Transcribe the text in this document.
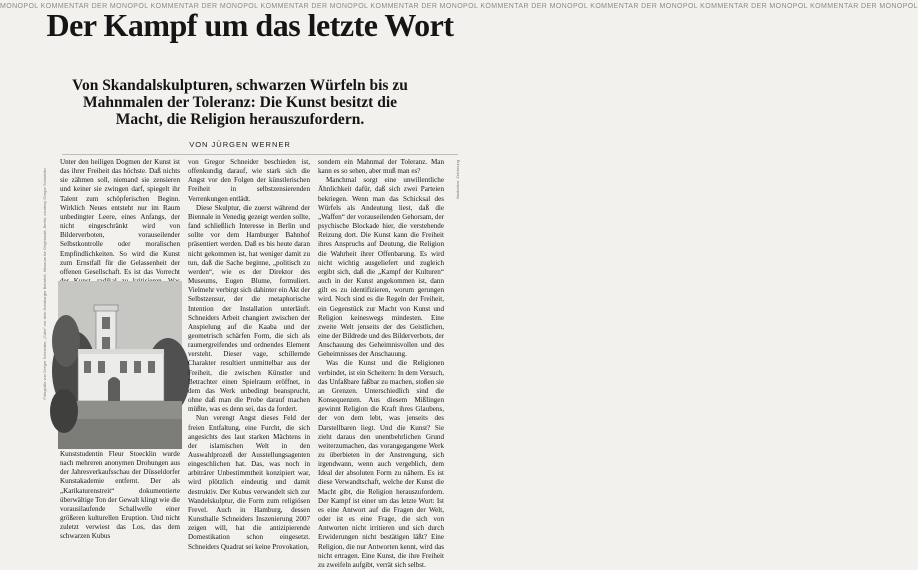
MONOPOL KOMMENTAR DER MONOPOL KOMMENTAR DER MONOPOL KOMMENTAR DER MONOPOL KOMMENTAR DER MONOPOL KOMMENTAR DER MONOPOL KOMMENTAR DER MONOPOL KOMMENTAR DER MONOPOL KOMMENTAR DER MONOPOL
Der Kampf um das letzte Wort
Von Skandalskulpturen, schwarzen Würfeln bis zu Mahnmalen der Toleranz: Die Kunst besitzt die Macht, die Religion herauszufordern.
VON JÜRGEN WERNER
Fotografie von Gregor Schneider, „Cube“ vor dem Hamburger Bahnhof, Museum für Gegenwart, Berlin; courtesy Gregor Schneider	Illustration: Zeichnung

Unter den heiligen Dogmen der Kunst ist das ihrer Freiheit das höchste. Daß nichts sie zähmen soll, niemand sie zensieren und keiner sie zwingen darf, spiegelt ihr Talent zum schöpferischen Beginn. Wirklich Neues entsteht nur im Raum unbedingter Leere, eines Anfangs, der nicht eingeschränkt wird von Bilderverboten, vorauseilender Selbstkontrolle oder moralischen Empfindlichkeiten. So wird die Kunst zum Ernstfall für die Gelassenheit der offenen Gesellschaft. Es ist das Vorrecht

Kunststudentin Fleur Stoecklin wurde nach mehreren anonymen Drohungen aus der Jahresverkaufsschau der Düsseldorfer Kunstakademie entfernt. Der als „Karikaturenstreit“ dokumentierte überwältige Ton der Gewalt klingt wie die vorausilaufende Schallwelle einer größeren kulturellen Eruption. Und nicht zuletzt verwiest das Los, das dem schwarzen Kubus

von Gregor Schneider beschieden ist, offenkundig darauf, wie stark sich die Angst vor den Folgen der künstlerischen Freiheit in selbstzensierenden Verrenkungen entlädt.

Diese Skulptur, die zuerst während der Biennale in Venedig gezeigt werden sollte, fand schließlich Interesse in Berlin und sollte vor dem Hamburger Bahnhof präsentiert werden. Daß es bis heute daran nicht gekommen ist, hat weniger damit zu tun, daß die Sache beginne, „politisch zu werden“, wie es der Direktor des Museums, Eugen Blume, formuliert. Vielmehr verbirgt sich dahinter ein Akt der Selbstzensur, der die metaphorische Intention der Installation unterläuft. Schneiders Arbeit changiert zwischen der Anspielung auf die Kaaba und der geometrisch schärfen Form, die sich als raumergreifendes und ordnendes Element versteht. Dieser vage, schillernde Charakter resultiert unmittelbar aus der Freiheit, die zwischen Künstler und Betrachter einen Spielraum eröffnet, in dem das Werk unbedingt beansprucht, ohne daß man die Probe darauf machen müßte, was es denn sei, das da fordert.

Nun verengt Angst dieses Feld der freien Entfaltung, eine Furcht, die sich angesichts des laut starken Mächtens in der islamischen Welt in den Auswahlprozeß der Ausstellungsagenten eingeschlichen hat. Das, was noch in arbiträrer Unbestimmtheit konzipiert war, wird plötzlich eindeutig und damit destruktiv. Der Kubus verwandelt sich zur Wandelskulptur, die Form zum religiösen Frevel. Auch in Hamburg, dessen Kunsthalle Schneiders Inszenierung 2007 zeigen will, hat die antizipierende Domestikation schon eingesetzt. Schneiders Quadrat sei keine Provokation,

sondern ein Mahnmal der Toleranz. Man kann es so sehen, aber muß man es?

Manchmal sorgt eine unwillentliche Ähnlichkeit dafür, daß sich zwei Parteien bekriegen. Wenn man das Schicksal des Würfels als Andeutung liest, daß die „Waffen“ der vorauseilenden Gehorsam, der psychische Blockade hier, die verstehende Reizung dort. Die Kunst kann die Freiheit ihres Anspruchs auf Deutung, die Religion die Wahrheit ihrer Offenbarung. Es wird nicht wichtig ausgeliefert und zugleich ergibt sich, daß die „Kampf der Kulturen“ auch in der Kunst angekommen ist, dann gilt es zu identifizieren, worum gerungen wird. Noch sind es die Regeln der Freiheit, ein Gegenstück zur Macht von Kunst und Religion keineswegs mindesten. Eine zweite Welt jenseits der des Geistlichen, eine der Bildrede und des Bilderverbots, der Anschauung des Geheimnisvollen und des Geheimnisses der Anschauung.

Was die Kunst und die Religionen verbindet, ist ein Scheitern: In dem Versuch, das Unfaßbare faßbar zu machen, stoßen sie an Grenzen. Unterschiedlich sind die Konsequenzen. Aus diesem Mißlingen gewinnt Religion die Kraft ihres Glaubens, der von dem lebt, was jenseits des Darstellbaren liegt. Und die Kunst? Sie zieht daraus den unentbehrlichen Grund weiterzumachen, das vorangegangene Werk zu überbieten in der Anstrengung, sich irgendwann, wenn auch vergeblich, dem Ideal der absoluten Form zu nähern. Es ist diese Verwandtschaft, welche der Kunst die Macht gibt, die Religion herauszufordern. Der Kampf ist einer um das letzte Wort: Ist es eine Antwort auf die Fragen der Welt, oder ist es eine Frage, die sich von Antworten nicht irritieren und sich durch Erwiderungen nicht bestätigen läßt? Eine Religion, die nur Antworten kennt, wird das nicht ertragen. Eine Kunst, die ihre Freiheit zu zweifeln aufgibt, verrät sich selbst.
